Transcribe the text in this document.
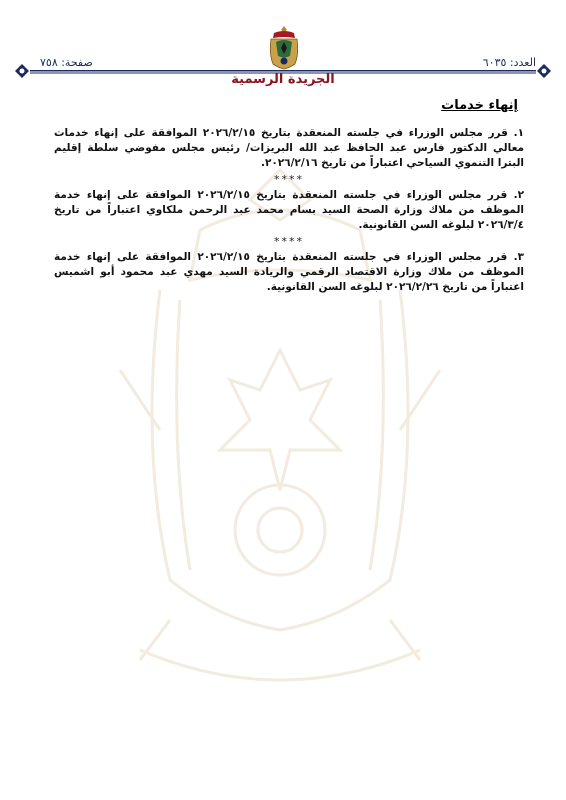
العدد: ٦٠٣٥
صفحة: ٧٥٨
الجريدة الرسمية
إنهاء خدمات

١. قرر مجلس الوزراء في جلسته المنعقدة بتاريخ ٢٠٢٦/٢/١٥ الموافقة على إنهاء خدمات معالي الدكتور فارس عبد الحافظ عبد الله البريزات/ رئيس مجلس مفوضي سلطة إقليم البترا التنموي السياحي اعتباراً من تاريخ ٢٠٢٦/٢/١٦.

****

٢. قرر مجلس الوزراء في جلسته المنعقدة بتاريخ ٢٠٢٦/٢/١٥ الموافقة على إنهاء خدمة الموظف من ملاك وزارة الصحة السيد بسام محمد عبد الرحمن ملكاوي اعتباراً من تاريخ ٢٠٢٦/٣/٤ لبلوغه السن القانونية.

****

٣. قرر مجلس الوزراء في جلسته المنعقدة بتاريخ ٢٠٢٦/٢/١٥ الموافقة على إنهاء خدمة الموظف من ملاك وزارة الاقتصاد الرقمي والريادة السيد مهدي عبد محمود أبو اشميس اعتباراً من تاريخ ٢٠٢٦/٢/٢٦ لبلوغه السن القانونية.
